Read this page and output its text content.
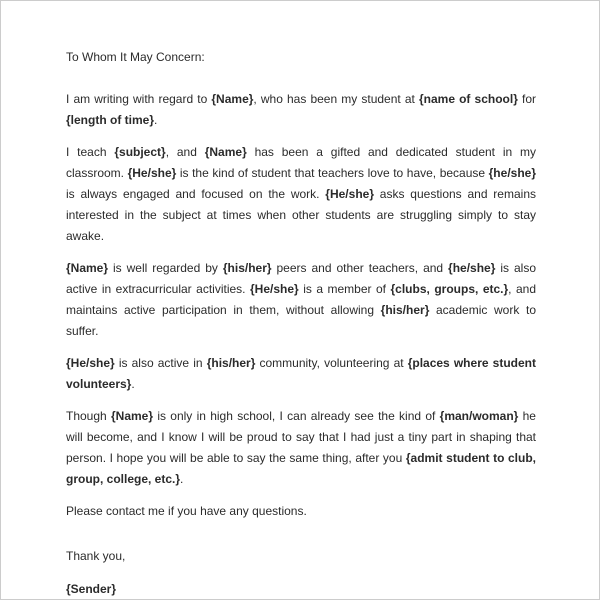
To Whom It May Concern:

I am writing with regard to {Name}, who has been my student at {name of school} for {length of time}.

I teach {subject}, and {Name} has been a gifted and dedicated student in my classroom. {He/she} is the kind of student that teachers love to have, because {he/she} is always engaged and focused on the work. {He/she} asks questions and remains interested in the subject at times when other students are struggling simply to stay awake.

{Name} is well regarded by {his/her} peers and other teachers, and {he/she} is also active in extracurricular activities. {He/she} is a member of {clubs, groups, etc.}, and maintains active participation in them, without allowing {his/her} academic work to suffer.

{He/she} is also active in {his/her} community, volunteering at {places where student volunteers}.

Though {Name} is only in high school, I can already see the kind of {man/woman} he will become, and I know I will be proud to say that I had just a tiny part in shaping that person. I hope you will be able to say the same thing, after you {admit student to club, group, college, etc.}.

Please contact me if you have any questions.

Thank you,

{Sender}
